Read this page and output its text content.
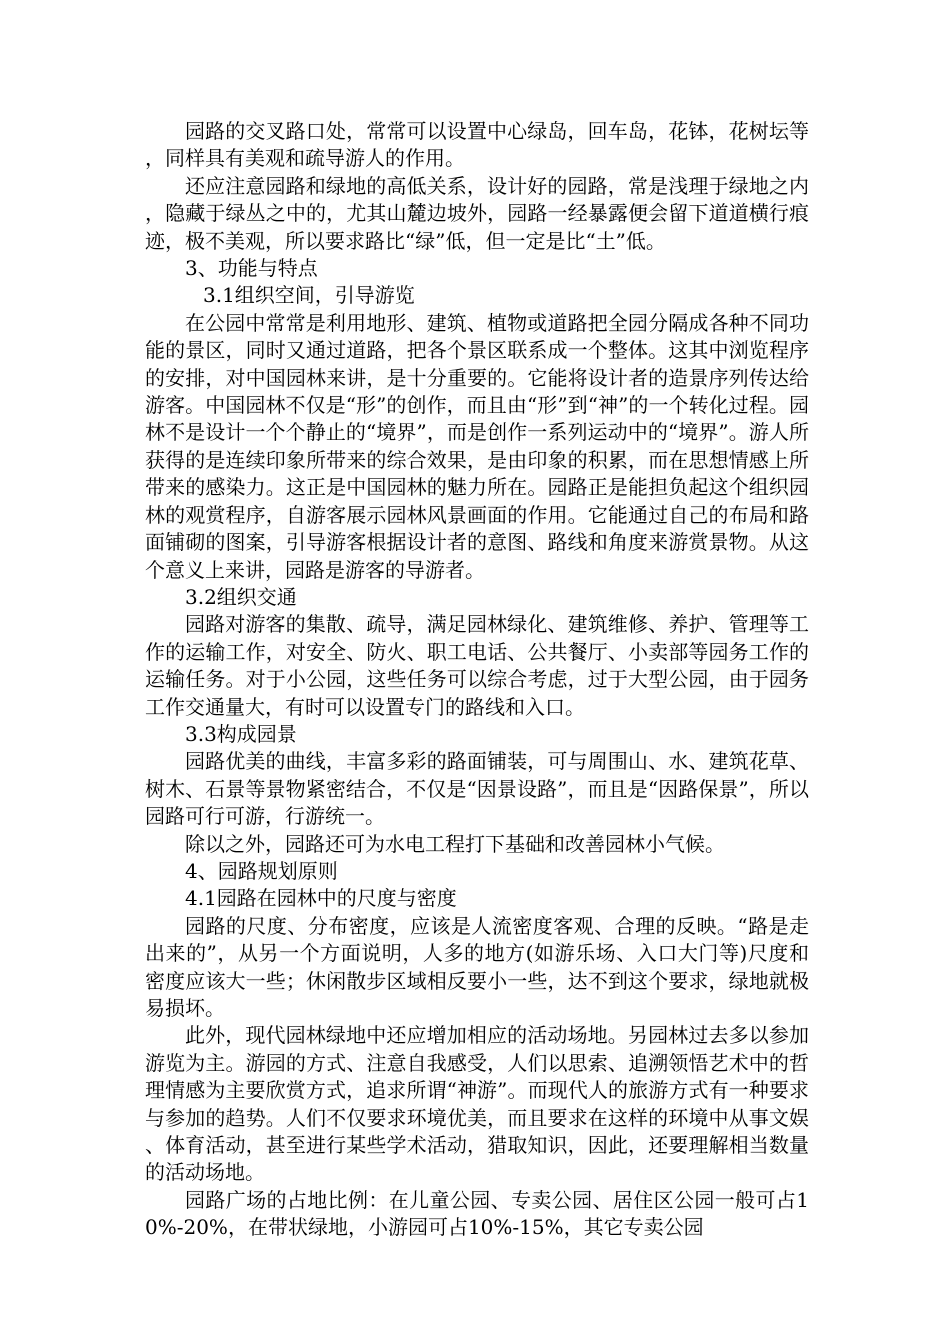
园路的交叉路口处，常常可以设置中心绿岛，回车岛，花钵，花树坛等，同样具有美观和疏导游人的作用。

还应注意园路和绿地的高低关系，设计好的园路，常是浅理于绿地之内，隐藏于绿丛之中的，尤其山麓边坡外，园路一经暴露便会留下道道横行痕迹，极不美观，所以要求路比“绿”低，但一定是比“土”低。

3、功能与特点

3.1组织空间，引导游览

在公园中常常是利用地形、建筑、植物或道路把全园分隔成各种不同功能的景区，同时又通过道路，把各个景区联系成一个整体。这其中浏览程序的安排，对中国园林来讲，是十分重要的。它能将设计者的造景序列传达给游客。中国园林不仅是“形”的创作，而且由“形”到“神”的一个转化过程。园林不是设计一个个静止的“境界”，而是创作一系列运动中的“境界”。游人所获得的是连续印象所带来的综合效果，是由印象的积累，而在思想情感上所带来的感染力。这正是中国园林的魅力所在。园路正是能担负起这个组织园林的观赏程序，自游客展示园林风景画面的作用。它能通过自己的布局和路面铺砌的图案，引导游客根据设计者的意图、路线和角度来游赏景物。从这个意义上来讲，园路是游客的导游者。

3.2组织交通

园路对游客的集散、疏导，满足园林绿化、建筑维修、养护、管理等工作的运输工作，对安全、防火、职工电话、公共餐厅、小卖部等园务工作的运输任务。对于小公园，这些任务可以综合考虑，过于大型公园，由于园务工作交通量大，有时可以设置专门的路线和入口。

3.3构成园景

园路优美的曲线，丰富多彩的路面铺装，可与周围山、水、建筑花草、树木、石景等景物紧密结合，不仅是“因景设路”，而且是“因路保景”，所以园路可行可游，行游统一。

除以之外，园路还可为水电工程打下基础和改善园林小气候。

4、园路规划原则

4.1园路在园林中的尺度与密度

园路的尺度、分布密度，应该是人流密度客观、合理的反映。“路是走出来的”，从另一个方面说明，人多的地方(如游乐场、入口大门等)尺度和密度应该大一些；休闲散步区域相反要小一些，达不到这个要求，绿地就极易损坏。

此外，现代园林绿地中还应增加相应的活动场地。另园林过去多以参加游览为主。游园的方式、注意自我感受，人们以思索、追溯领悟艺术中的哲理情感为主要欣赏方式，追求所谓“神游”。而现代人的旅游方式有一种要求与参加的趋势。人们不仅要求环境优美，而且要求在这样的环境中从事文娱、体育活动，甚至进行某些学术活动，猎取知识，因此，还要理解相当数量的活动场地。

园路广场的占地比例：在儿童公园、专卖公园、居住区公园一般可占10%-20%，在带状绿地，小游园可占10%-15%，其它专卖公园
